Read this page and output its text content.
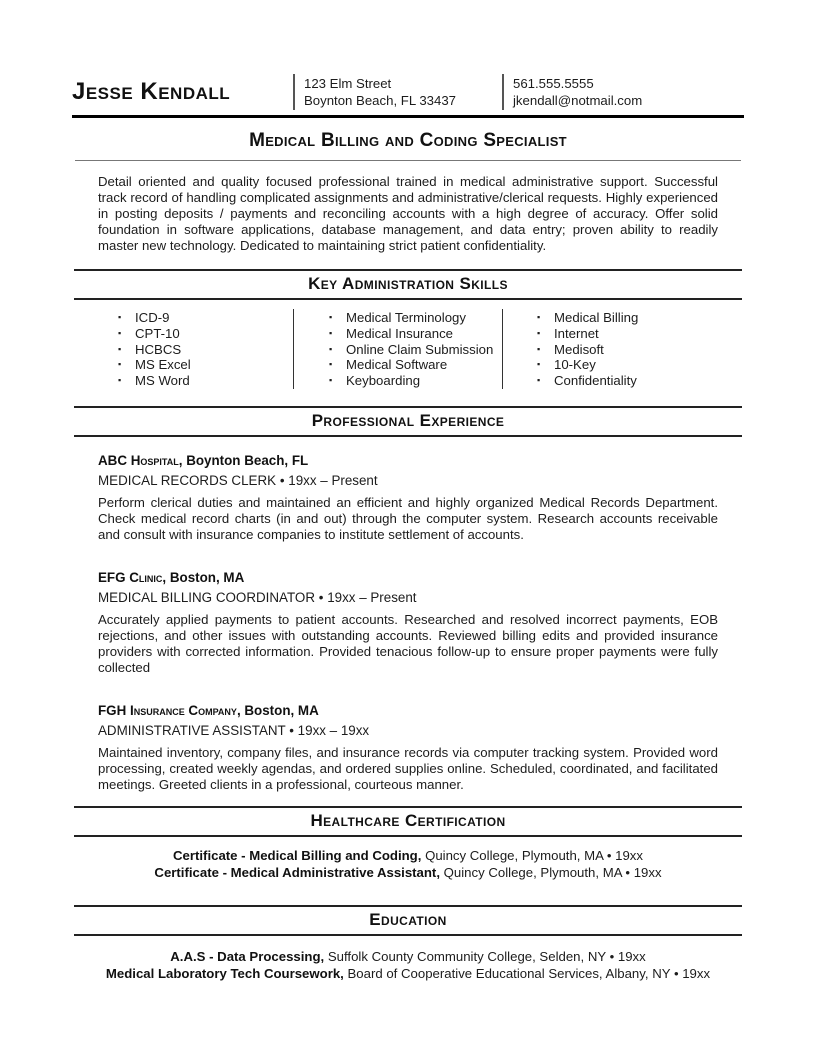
Jesse Kendall	123 Elm Street
Boynton Beach, FL 33437
561.555.5555
jkendall@notmail.com
Medical Billing and Coding Specialist

Detail oriented and quality focused professional trained in medical administrative support. Successful track record of handling complicated assignments and administrative/clerical requests. Highly experienced in posting deposits / payments and reconciling accounts with a high degree of accuracy. Offer solid foundation in software applications, database management, and data entry; proven ability to readily master new technology. Dedicated to maintaining strict patient confidentiality.

Key Administration Skills
▪	ICD-9
▪	CPT-10
▪	HCBCS
▪	MS Excel
▪	MS Word
▪	Medical Terminology
▪	Medical Insurance
▪	Online Claim Submission
▪	Medical Software
▪	Keyboarding
▪	Medical Billing
▪	Internet
▪	Medisoft
▪	10-Key
▪	Confidentiality
Professional Experience
ABC Hospital, Boynton Beach, FL
MEDICAL RECORDS CLERK • 19xx – Present

Perform clerical duties and maintained an efficient and highly organized Medical Records Department. Check medical record charts (in and out) through the computer system. Research accounts receivable and consult with insurance companies to institute settlement of accounts.

EFG Clinic, Boston, MA
MEDICAL BILLING COORDINATOR • 19xx – Present

Accurately applied payments to patient accounts. Researched and resolved incorrect payments, EOB rejections, and other issues with outstanding accounts. Reviewed billing edits and provided insurance providers with corrected information. Provided tenacious follow-up to ensure proper payments were fully collected

FGH Insurance Company, Boston, MA
ADMINISTRATIVE ASSISTANT • 19xx – 19xx

Maintained inventory, company files, and insurance records via computer tracking system. Provided word processing, created weekly agendas, and ordered supplies online. Scheduled, coordinated, and facilitated meetings. Greeted clients in a professional, courteous manner.

Healthcare Certification
Certificate - Medical Billing and Coding, Quincy College, Plymouth, MA • 19xx
Certificate - Medical Administrative Assistant, Quincy College, Plymouth, MA • 19xx
Education
A.A.S - Data Processing, Suffolk County Community College, Selden, NY • 19xx
Medical Laboratory Tech Coursework, Board of Cooperative Educational Services, Albany, NY • 19xx
